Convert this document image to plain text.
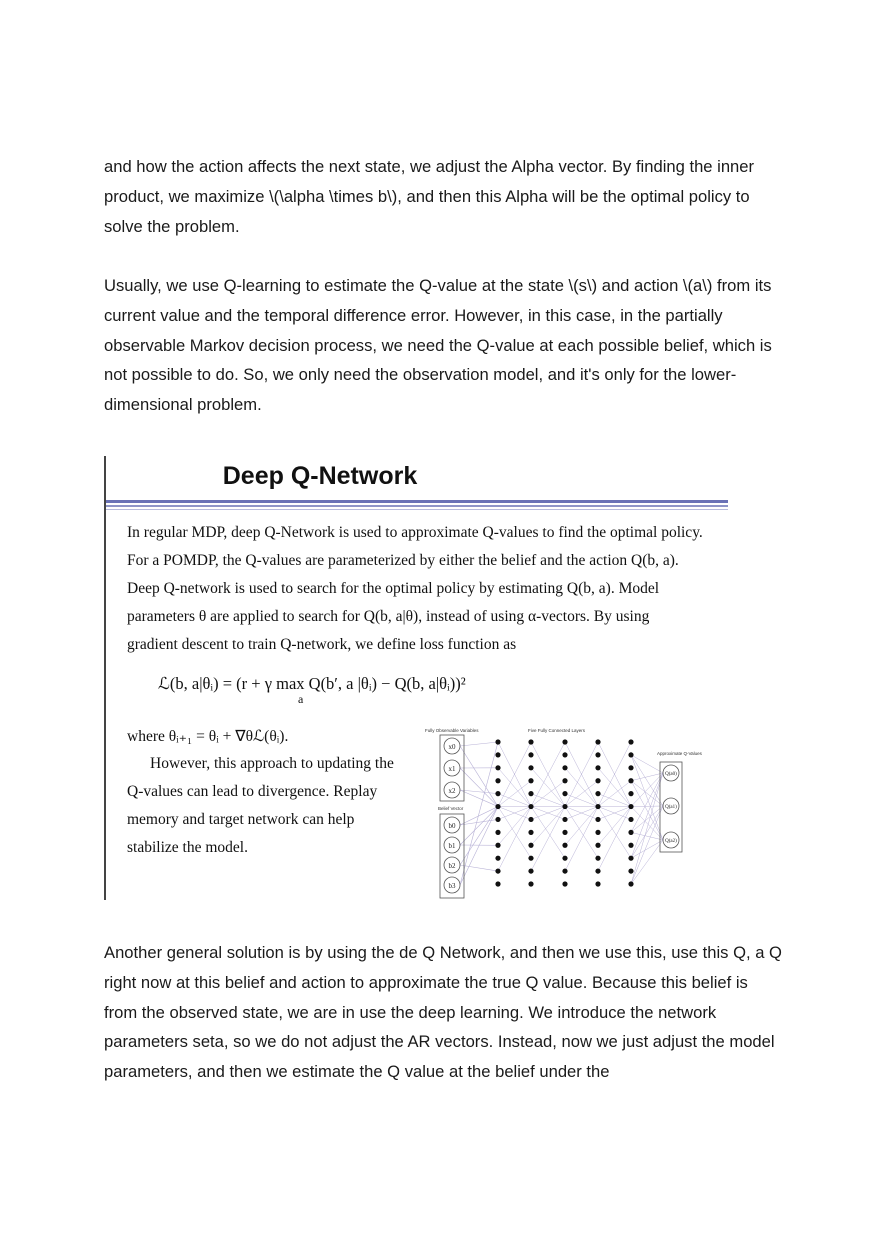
and how the action affects the next state, we adjust the Alpha vector. By finding the inner product, we maximize \(\alpha \times b\), and then this Alpha will be the optimal policy to solve the problem.

Usually, we use Q-learning to estimate the Q-value at the state \(s\) and action \(a\) from its current value and the temporal difference error. However, in this case, in the partially observable Markov decision process, we need the Q-value at each possible belief, which is not possible to do. So, we only need the observation model, and it's only for the lower-dimensional problem.

Deep Q-Network
In regular MDP, deep Q-Network is used to approximate Q-values to find the optimal policy.
For a POMDP, the Q-values are parameterized by either the belief and the action Q(b, a).
Deep Q-network is used to search for the optimal policy by estimating Q(b, a). Model
parameters θ are applied to search for Q(b, a|θ), instead of using α-vectors. By using
gradient descent to train Q-network, we define loss function as
ℒ(b, a|θᵢ) = (r + γ max Q(b′, a |θᵢ) − Q(b, a|θᵢ))²
a
where θᵢ₊₁ = θᵢ + ∇θℒ(θᵢ).
However, this approach to updating the
Q-values can lead to divergence. Replay
memory and target network can help
stabilize the model.
x0
x1
x2
b0
b1
b2
b3
Q(a0)
Q(a1)
Q(a2)
Fully Observable Variables	Five Fully Connected Layers
Belief Vector
Approximate Q-Values

Another general solution is by using the de Q Network, and then we use this, use this Q, a Q right now at this belief and action to approximate the true Q value. Because this belief is from the observed state, we are in use the deep learning. We introduce the network parameters seta, so we do not adjust the AR vectors. Instead, now we just adjust the model parameters, and then we estimate the Q value at the belief under the
